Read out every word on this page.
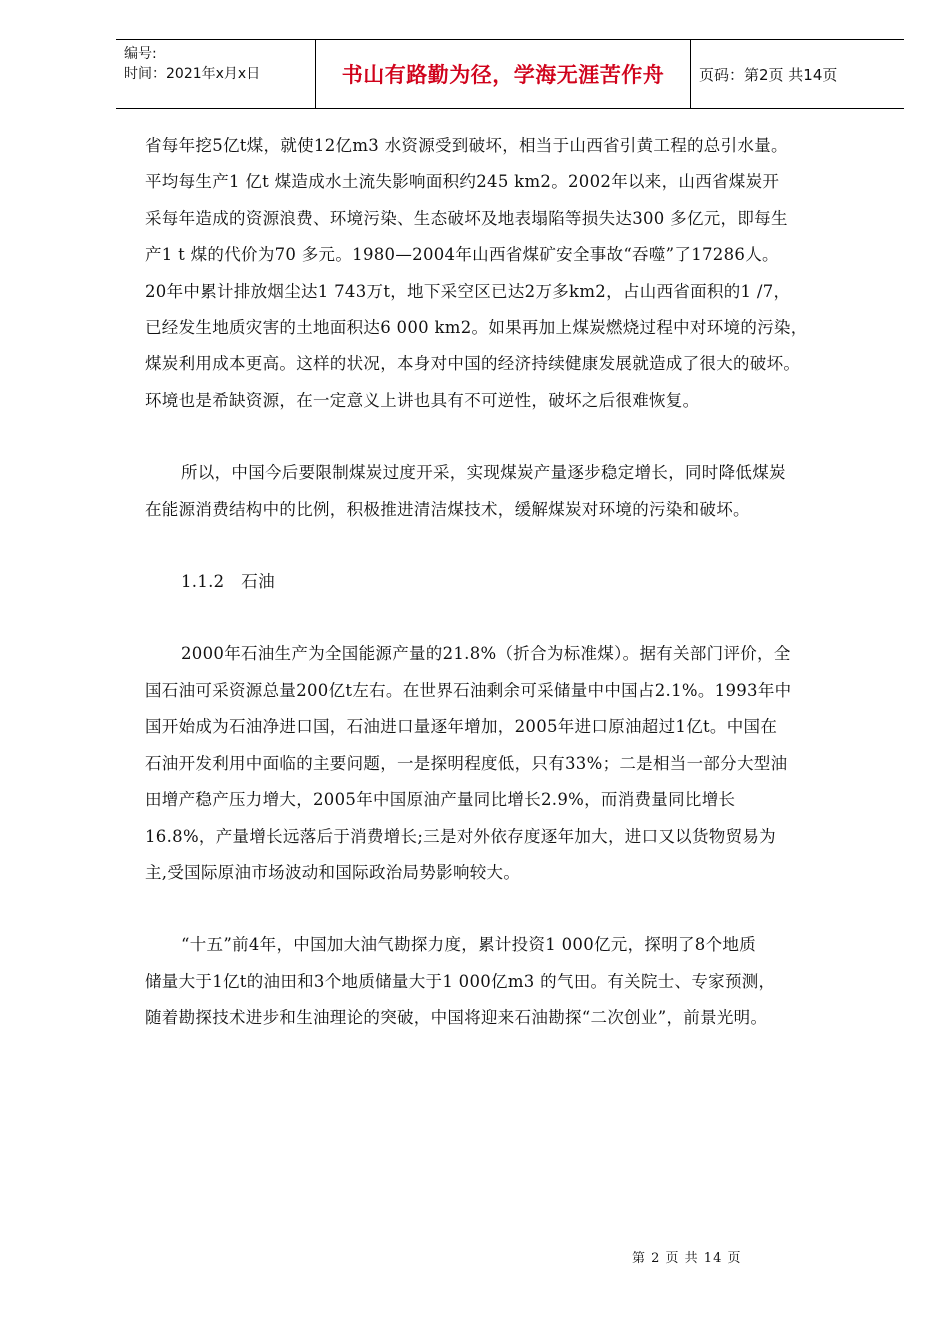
编号:
时间：2021年x月x日	书山有路勤为径，学海无涯苦作舟	页码：第2页 共14页
省每年挖5亿t煤，就使12亿m3 水资源受到破坏，相当于山西省引黄工程的总引水量。
平均每生产1 亿t 煤造成水土流失影响面积约245 km2。2002年以来，山西省煤炭开
采每年造成的资源浪费、环境污染、生态破坏及地表塌陷等损失达300 多亿元，即每生
产1 t 煤的代价为70 多元。1980—2004年山西省煤矿安全事故“吞噬”了17286人。
20年中累计排放烟尘达1 743万t，地下采空区已达2万多km2，占山西省面积的1 /7，
已经发生地质灾害的土地面积达6 000 km2。如果再加上煤炭燃烧过程中对环境的污染，
煤炭利用成本更高。这样的状况，本身对中国的经济持续健康发展就造成了很大的破坏。
环境也是希缺资源，在一定意义上讲也具有不可逆性，破坏之后很难恢复。
所以，中国今后要限制煤炭过度开采，实现煤炭产量逐步稳定增长，同时降低煤炭
在能源消费结构中的比例，积极推进清洁煤技术，缓解煤炭对环境的污染和破坏。
1.1.2　石油
2000年石油生产为全国能源产量的21.8%（折合为标准煤）。据有关部门评价，全
国石油可采资源总量200亿t左右。在世界石油剩余可采储量中中国占2.1%。1993年中
国开始成为石油净进口国，石油进口量逐年增加，2005年进口原油超过1亿t。中国在
石油开发利用中面临的主要问题，一是探明程度低，只有33%；二是相当一部分大型油
田增产稳产压力增大，2005年中国原油产量同比增长2.9%，而消费量同比增长
16.8%，产量增长远落后于消费增长;三是对外依存度逐年加大，进口又以货物贸易为
主,受国际原油市场波动和国际政治局势影响较大。
“十五”前4年，中国加大油气勘探力度，累计投资1 000亿元，探明了8个地质
储量大于1亿t的油田和3个地质储量大于1 000亿m3 的气田。有关院士、专家预测，
随着勘探技术进步和生油理论的突破，中国将迎来石油勘探“二次创业”，前景光明。
第 2 页 共 14 页
